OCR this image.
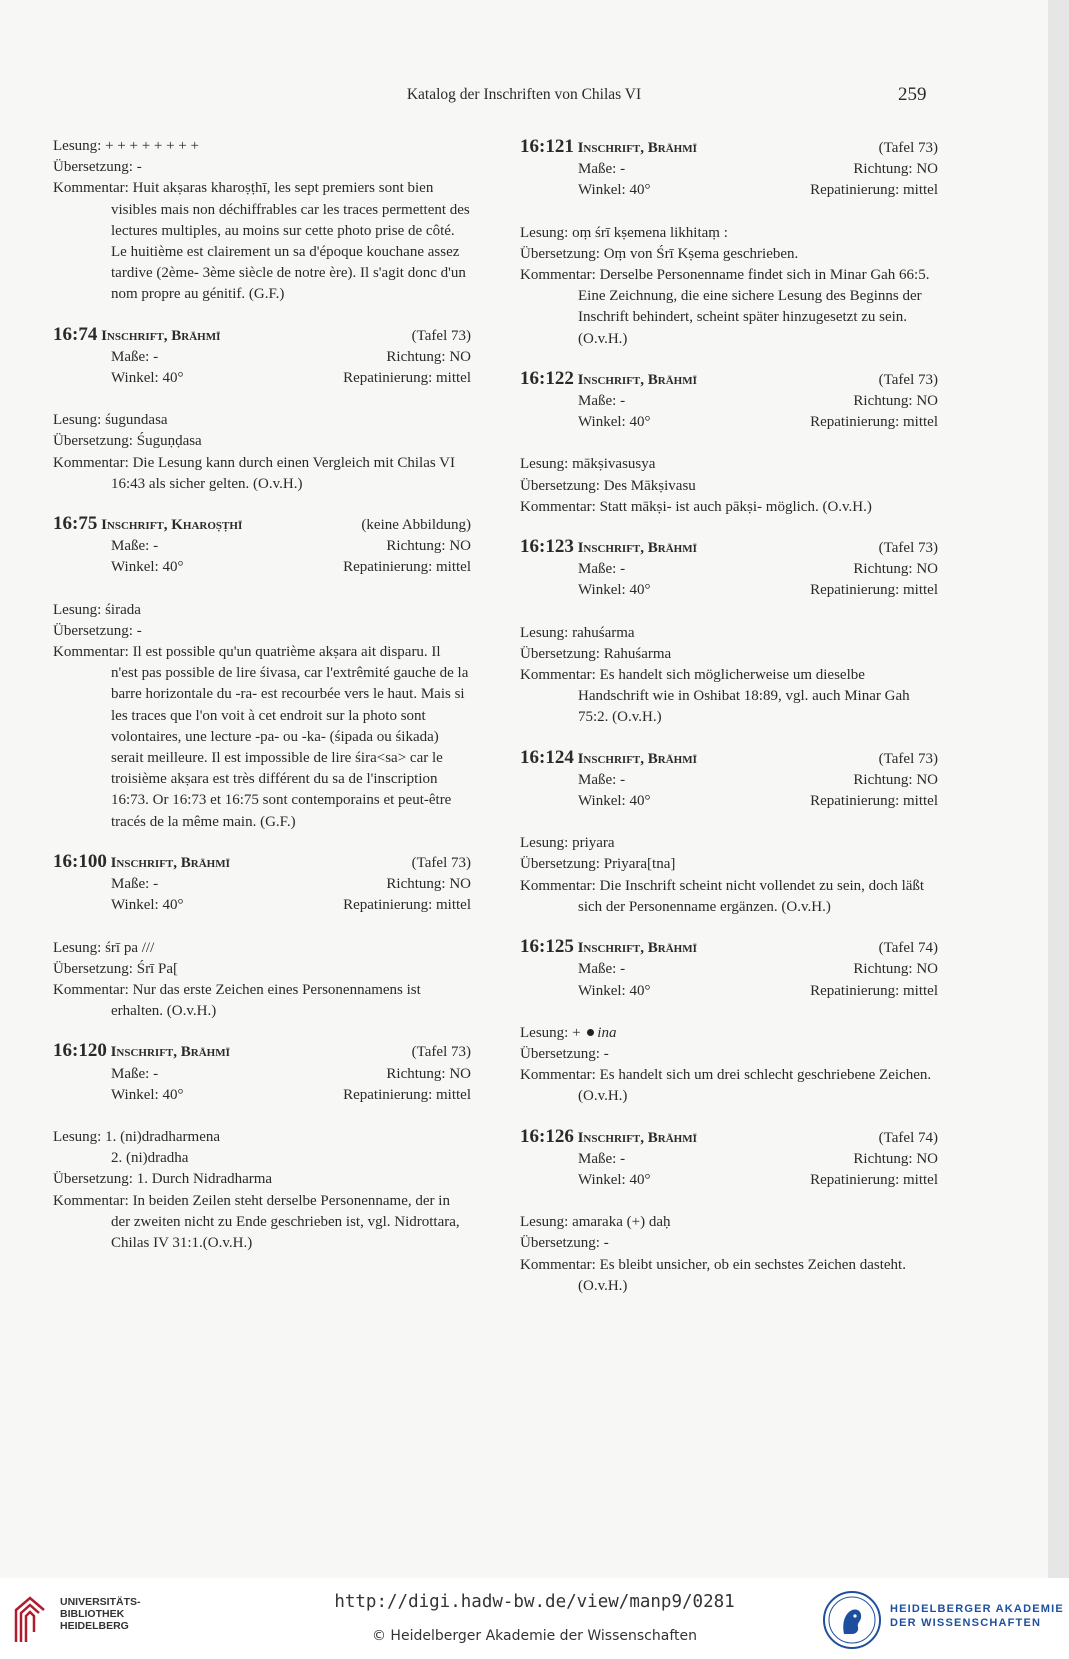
Katalog der Inschriften von Chilas VI	259

Lesung: + + + + + + + +

Übersetzung: -

Kommentar: Huit akṣaras kharoṣṭhī, les sept premiers sont bien visibles mais non déchiffrables car les traces permettent des lectures multiples, au moins sur cette photo prise de côté. Le huitième est clairement un sa d'époque kouchane assez tardive (2ème- 3ème siècle de notre ère). Il s'agit donc d'un nom propre au génitif. (G.F.)

16:74 Inschrift, Brāhmī	(Tafel 73)
Maße: -	Richtung: NO
Winkel: 40°	Repatinierung: mittel

Lesung: śugundasa

Übersetzung: Śuguṇḍasa

Kommentar: Die Lesung kann durch einen Vergleich mit Chilas VI 16:43 als sicher gelten. (O.v.H.)

16:75 Inschrift, Kharoṣṭhī	(keine Abbildung)
Maße: -	Richtung: NO
Winkel: 40°	Repatinierung: mittel

Lesung: śirada

Übersetzung: -

Kommentar: Il est possible qu'un quatrième akṣara ait disparu. Il n'est pas possible de lire śivasa, car l'extrêmité gauche de la barre horizontale du -ra- est recourbée vers le haut. Mais si les traces que l'on voit à cet endroit sur la photo sont volontaires, une lecture -pa- ou -ka- (śipada ou śikada) serait meilleure. Il est impossible de lire śira<sa> car le troisième akṣara est très différent du sa de l'inscription 16:73. Or 16:73 et 16:75 sont contemporains et peut-être tracés de la même main. (G.F.)

16:100 Inschrift, Brāhmī	(Tafel 73)
Maße: -	Richtung: NO
Winkel: 40°	Repatinierung: mittel

Lesung: śrī pa ///

Übersetzung: Śrī Pa[

Kommentar: Nur das erste Zeichen eines Personennamens ist erhalten. (O.v.H.)

16:120 Inschrift, Brāhmī	(Tafel 73)
Maße: -	Richtung: NO
Winkel: 40°	Repatinierung: mittel

Lesung: 1. (ni)dradharmena

2. (ni)dradha

Übersetzung: 1. Durch Nidradharma

Kommentar: In beiden Zeilen steht derselbe Personenname, der in der zweiten nicht zu Ende geschrieben ist, vgl. Nidrottara, Chilas IV 31:1.(O.v.H.)

16:121 Inschrift, Brāhmī	(Tafel 73)
Maße: -	Richtung: NO
Winkel: 40°	Repatinierung: mittel

Lesung: oṃ śrī kṣemena likhitaṃ :

Übersetzung: Oṃ von Śrī Kṣema geschrieben.

Kommentar: Derselbe Personenname findet sich in Minar Gah 66:5. Eine Zeichnung, die eine sichere Lesung des Beginns der Inschrift behindert, scheint später hinzugesetzt zu sein. (O.v.H.)

16:122 Inschrift, Brāhmī	(Tafel 73)
Maße: -	Richtung: NO
Winkel: 40°	Repatinierung: mittel

Lesung: mākṣivasusya

Übersetzung: Des Mākṣivasu

Kommentar: Statt mākṣi- ist auch pākṣi- möglich. (O.v.H.)

16:123 Inschrift, Brāhmī	(Tafel 73)
Maße: -	Richtung: NO
Winkel: 40°	Repatinierung: mittel

Lesung: rahuśarma

Übersetzung: Rahuśarma

Kommentar: Es handelt sich möglicherweise um dieselbe Handschrift wie in Oshibat 18:89, vgl. auch Minar Gah 75:2. (O.v.H.)

16:124 Inschrift, Brāhmī	(Tafel 73)
Maße: -	Richtung: NO
Winkel: 40°	Repatinierung: mittel

Lesung: priyara

Übersetzung: Priyara[tna]

Kommentar: Die Inschrift scheint nicht vollendet zu sein, doch läßt sich der Personenname ergänzen. (O.v.H.)

16:125 Inschrift, Brāhmī	(Tafel 74)
Maße: -	Richtung: NO
Winkel: 40°	Repatinierung: mittel

Lesung: + ina

Übersetzung: -

Kommentar: Es handelt sich um drei schlecht geschriebene Zeichen. (O.v.H.)

16:126 Inschrift, Brāhmī	(Tafel 74)
Maße: -	Richtung: NO
Winkel: 40°	Repatinierung: mittel

Lesung: amaraka (+) daḥ

Übersetzung: -

Kommentar: Es bleibt unsicher, ob ein sechstes Zeichen dasteht. (O.v.H.)

UNIVERSITÄTS-
BIBLIOTHEK
HEIDELBERG
http://digi.hadw-bw.de/view/manp9/0281
© Heidelberger Akademie der Wissenschaften
HEIDELBERGER AKADEMIE
DER WISSENSCHAFTEN
